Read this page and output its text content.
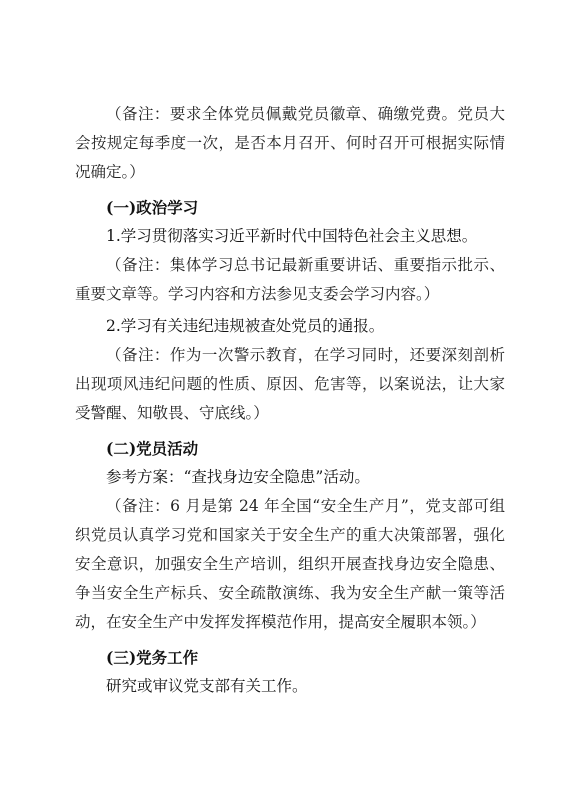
（备注：要求全体党员佩戴党员徽章、确缴党费。党员大会按规定每季度一次，是否本月召开、何时召开可根据实际情况确定。）

(一)政治学习

1.学习贯彻落实习近平新时代中国特色社会主义思想。

（备注：集体学习总书记最新重要讲话、重要指示批示、重要文章等。学习内容和方法参见支委会学习内容。）

2.学习有关违纪违规被查处党员的通报。

（备注：作为一次警示教育，在学习同时，还要深刻剖析出现项风违纪问题的性质、原因、危害等，以案说法，让大家受警醒、知敬畏、守底线。）

(二)党员活动

参考方案：“查找身边安全隐患”活动。

（备注：6 月是第 24 年全国“安全生产月”，党支部可组织党员认真学习党和国家关于安全生产的重大决策部署，强化安全意识，加强安全生产培训，组织开展查找身边安全隐患、争当安全生产标兵、安全疏散演练、我为安全生产献一策等活动，在安全生产中发挥发挥模范作用，提高安全履职本领。）

(三)党务工作

研究或审议党支部有关工作。
